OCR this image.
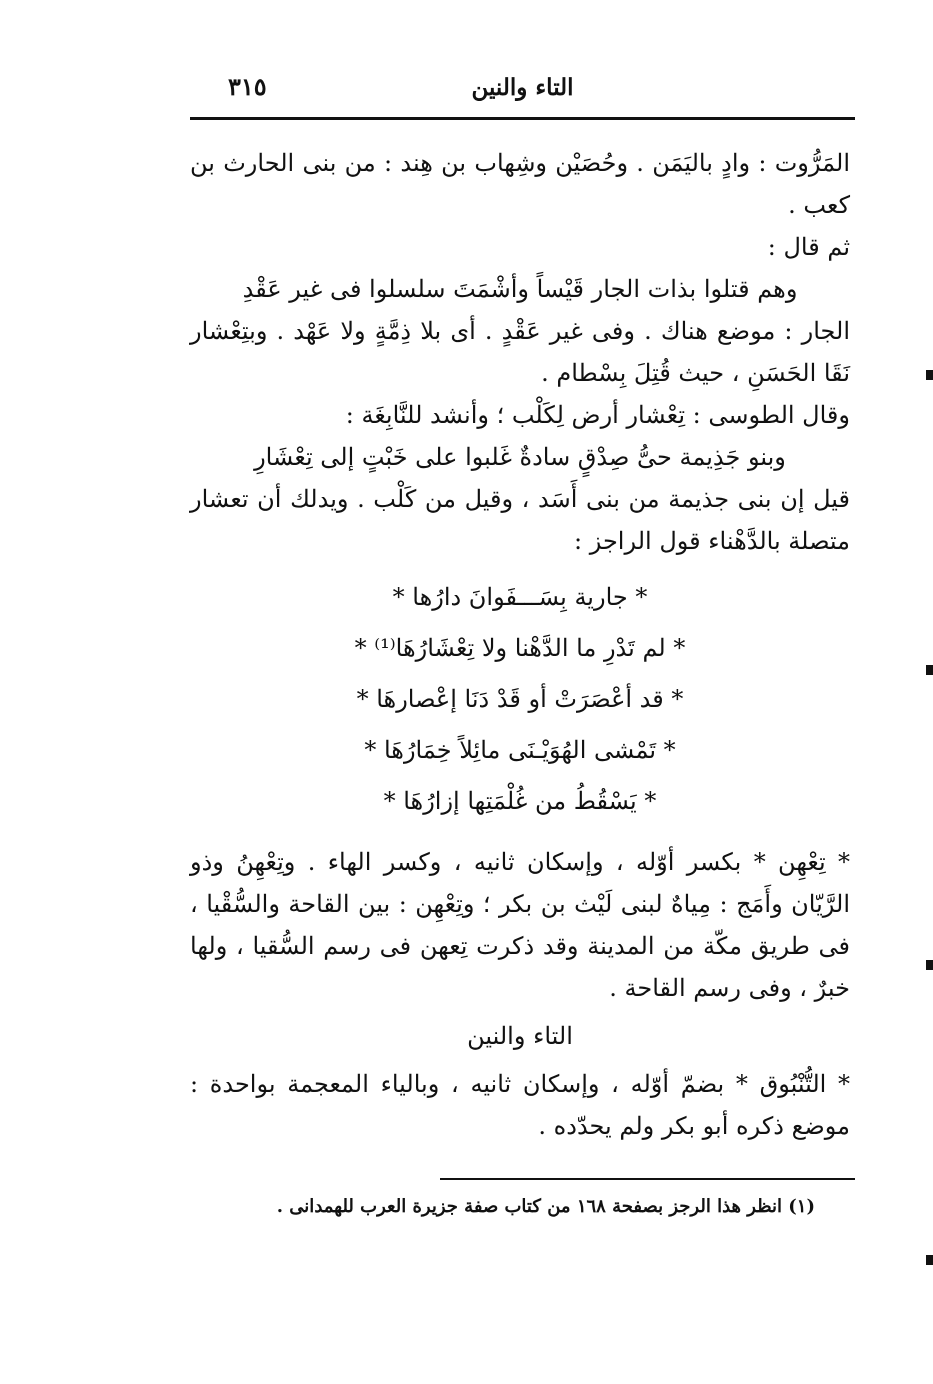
٣١٥	التاء والنين

المَرُّوت : وادٍ باليَمَن . وحُصَيْن وشِهاب بن هِند : من بنى الحارث بن كعب .

ثم قال :

وهم قتلوا بذات الجار قَيْساً وأشْمَتَ سلسلوا فى غير عَقْدِ

الجار : موضع هناك . وفى غير عَقْدٍ . أى بلا ذِمَّةٍ ولا عَهْد . وبتِعْشار نَقَا الحَسَنِ ، حيث قُتِلَ بِسْطام .

وقال الطوسى : تِعْشار أرض لِكَلْب ؛ وأنشد للنَّابِغَة :

وبنو جَذِيمة حىُّ صِدْقٍ سادةٌ غَلبوا على خَبْتٍ إلى تِعْشَارِ

قيل إن بنى جذيمة من بنى أَسَد ، وقيل من كَلْب . ويدلك أن تعشار متصلة بالدَّهْناء قول الراجز :

* جارية بِسَـــفَوانَ دارُها *
* لم تَدْرِ ما الدَّهْنا ولا تِعْشَارُهَا⁽¹⁾ *
* قد أعْصَرَتْ أو قَدْ دَنَا إعْصارهَا *
* تَمْشى الهُوَيْـنَى مائِلاً خِمَارُهَا *
* يَسْقُطُ من غُلْمَتِها إزارُهَا *

* تِعْهِن * بكسر أوّله ، وإسكان ثانيه ، وكسر الهاء . وتِعْهِنُ وذو الرَّيّان وأَمَج : مِياهٌ لبنى لَيْث بن بكر ؛ وتِعْهِن : بين القاحة والسُّقْيا ، فى طريق مكّة من المدينة وقد ذكرت تِعهن فى رسم السُّقيا ، ولها خبرٌ ، وفى رسم القاحة .

التاء والنين

* التُّنْبُوق * بضمّ أوّله ، وإسكان ثانيه ، وبالياء المعجمة بواحدة : موضع ذكره أبو بكر ولم يحدّده .

(١) انظر هذا الرجز بصفحة ١٦٨ من كتاب صفة جزيرة العرب للهمدانى .
